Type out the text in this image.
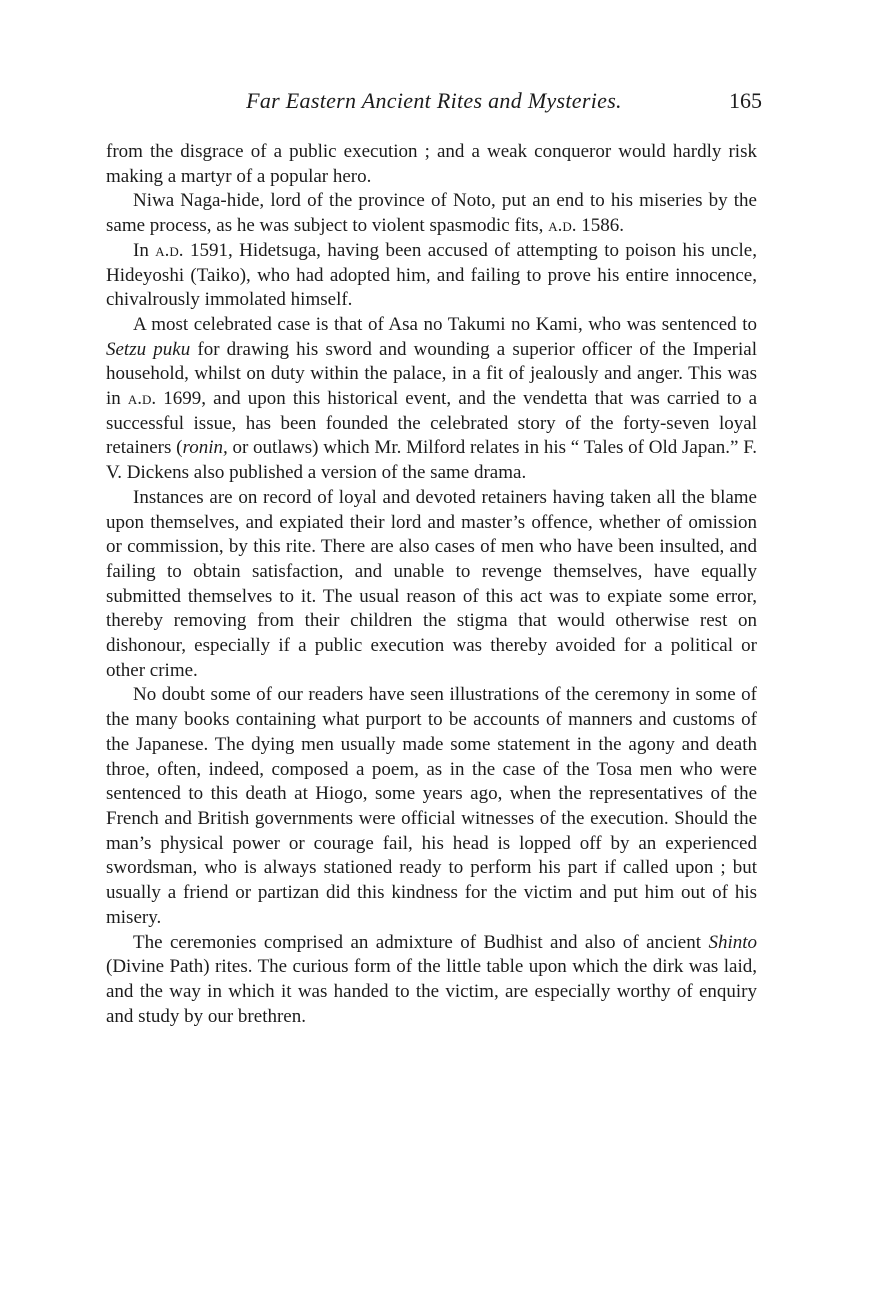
Far Eastern Ancient Rites and Mysteries.	165

from the disgrace of a public execution ; and a weak conqueror would hardly risk making a martyr of a popular hero.

Niwa Naga-hide, lord of the province of Noto, put an end to his miseries by the same process, as he was subject to violent spasmodic fits, a.d. 1586.

In a.d. 1591, Hidetsuga, having been accused of attempting to poison his uncle, Hideyoshi (Taiko), who had adopted him, and failing to prove his entire innocence, chivalrously immolated himself.

A most celebrated case is that of Asa no Takumi no Kami, who was sentenced to Setzu puku for drawing his sword and wounding a superior officer of the Imperial household, whilst on duty within the palace, in a fit of jealously and anger. This was in a.d. 1699, and upon this historical event, and the vendetta that was carried to a successful issue, has been founded the celebrated story of the forty-seven loyal retainers (ronin, or outlaws) which Mr. Milford relates in his “ Tales of Old Japan.” F. V. Dickens also published a version of the same drama.

Instances are on record of loyal and devoted retainers having taken all the blame upon themselves, and expiated their lord and master’s offence, whether of omission or commission, by this rite. There are also cases of men who have been insulted, and failing to obtain satisfaction, and unable to revenge themselves, have equally submitted themselves to it. The usual reason of this act was to expiate some error, thereby removing from their children the stigma that would otherwise rest on dishonour, especially if a public execution was thereby avoided for a political or other crime.

No doubt some of our readers have seen illustrations of the ceremony in some of the many books containing what purport to be accounts of manners and customs of the Japanese. The dying men usually made some statement in the agony and death throe, often, indeed, composed a poem, as in the case of the Tosa men who were sentenced to this death at Hiogo, some years ago, when the representatives of the French and British governments were official witnesses of the execution. Should the man’s physical power or courage fail, his head is lopped off by an experienced swordsman, who is always stationed ready to perform his part if called upon ; but usually a friend or partizan did this kindness for the victim and put him out of his misery.

The ceremonies comprised an admixture of Budhist and also of ancient Shinto (Divine Path) rites. The curious form of the little table upon which the dirk was laid, and the way in which it was handed to the victim, are especially worthy of enquiry and study by our brethren.
